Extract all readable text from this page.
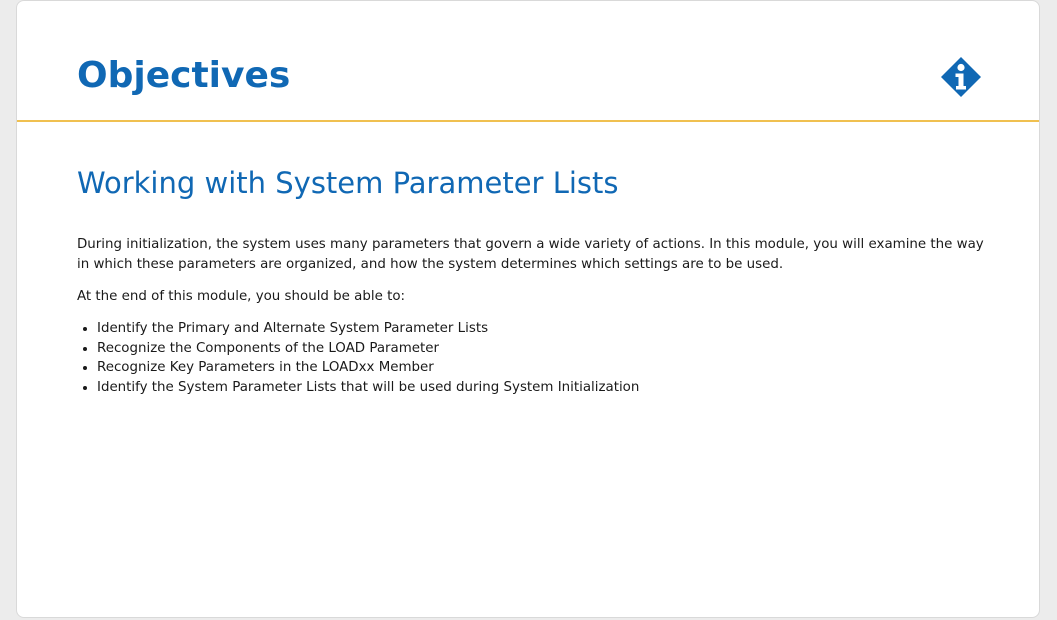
Objectives
Working with System Parameter Lists

During initialization, the system uses many parameters that govern a wide variety of actions. In this module, you will examine the way in which these parameters are organized, and how the system determines which settings are to be used.

At the end of this module, you should be able to:

• Identify the Primary and Alternate System Parameter Lists
• Recognize the Components of the LOAD Parameter
• Recognize Key Parameters in the LOADxx Member
• Identify the System Parameter Lists that will be used during System Initialization
